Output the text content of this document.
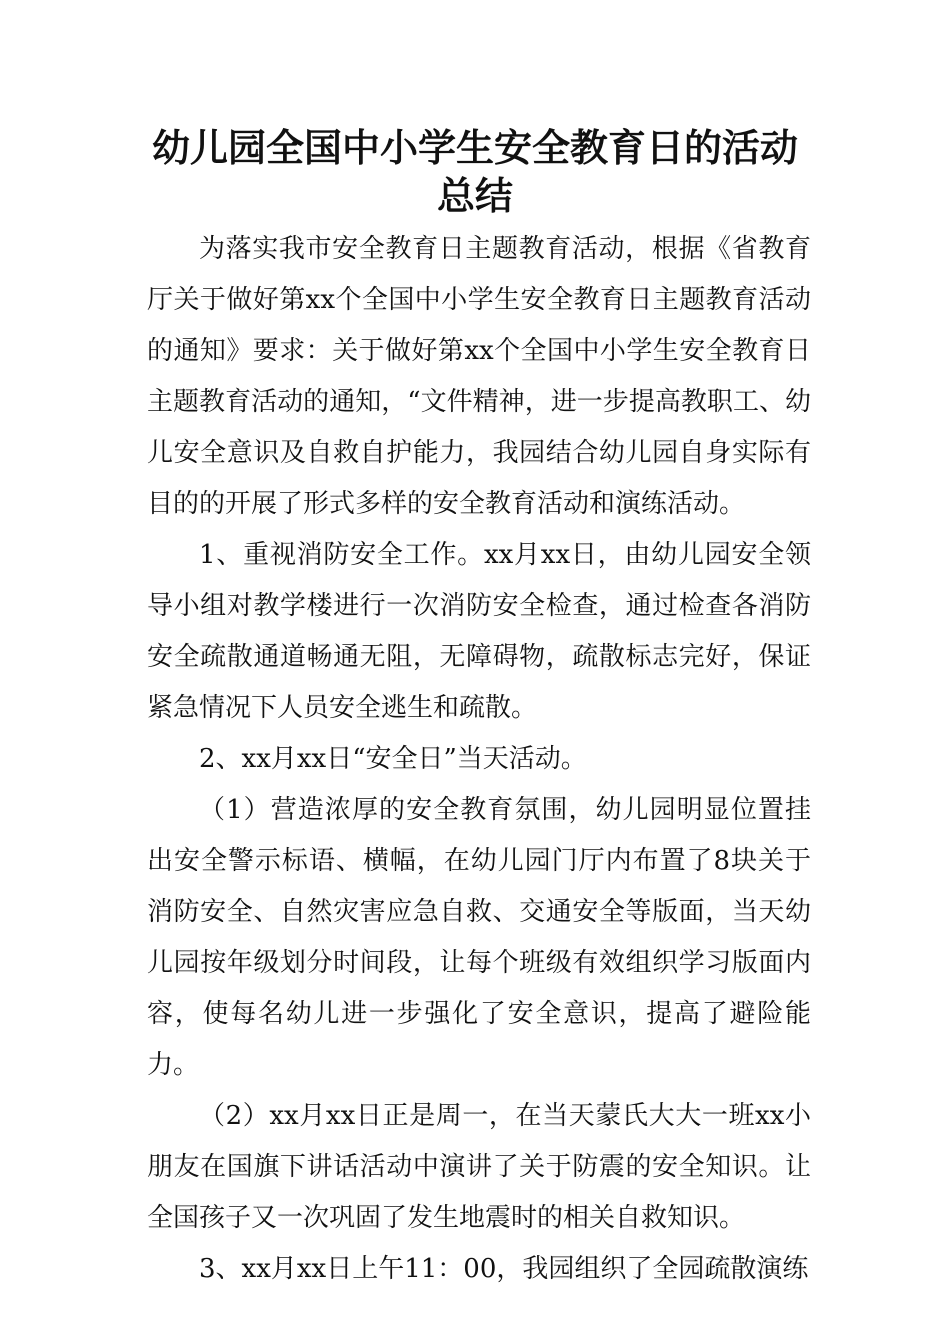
幼儿园全国中小学生安全教育日的活动总结

为落实我市安全教育日主题教育活动，根据《省教育厅关于做好第xx个全国中小学生安全教育日主题教育活动的通知》要求：关于做好第xx个全国中小学生安全教育日主题教育活动的通知，“文件精神，进一步提高教职工、幼儿安全意识及自救自护能力，我园结合幼儿园自身实际有目的的开展了形式多样的安全教育活动和演练活动。

1、重视消防安全工作。xx月xx日，由幼儿园安全领导小组对教学楼进行一次消防安全检查，通过检查各消防安全疏散通道畅通无阻，无障碍物，疏散标志完好，保证紧急情况下人员安全逃生和疏散。

2、xx月xx日“安全日”当天活动。

（1）营造浓厚的安全教育氛围，幼儿园明显位置挂出安全警示标语、横幅，在幼儿园门厅内布置了8块关于消防安全、自然灾害应急自救、交通安全等版面，当天幼儿园按年级划分时间段，让每个班级有效组织学习版面内容，使每名幼儿进一步强化了安全意识，提高了避险能力。

（2）xx月xx日正是周一，在当天蒙氏大大一班xx小朋友在国旗下讲话活动中演讲了关于防震的安全知识。让全国孩子又一次巩固了发生地震时的相关自救知识。

3、xx月xx日上午11：00，我园组织了全园疏散演练
